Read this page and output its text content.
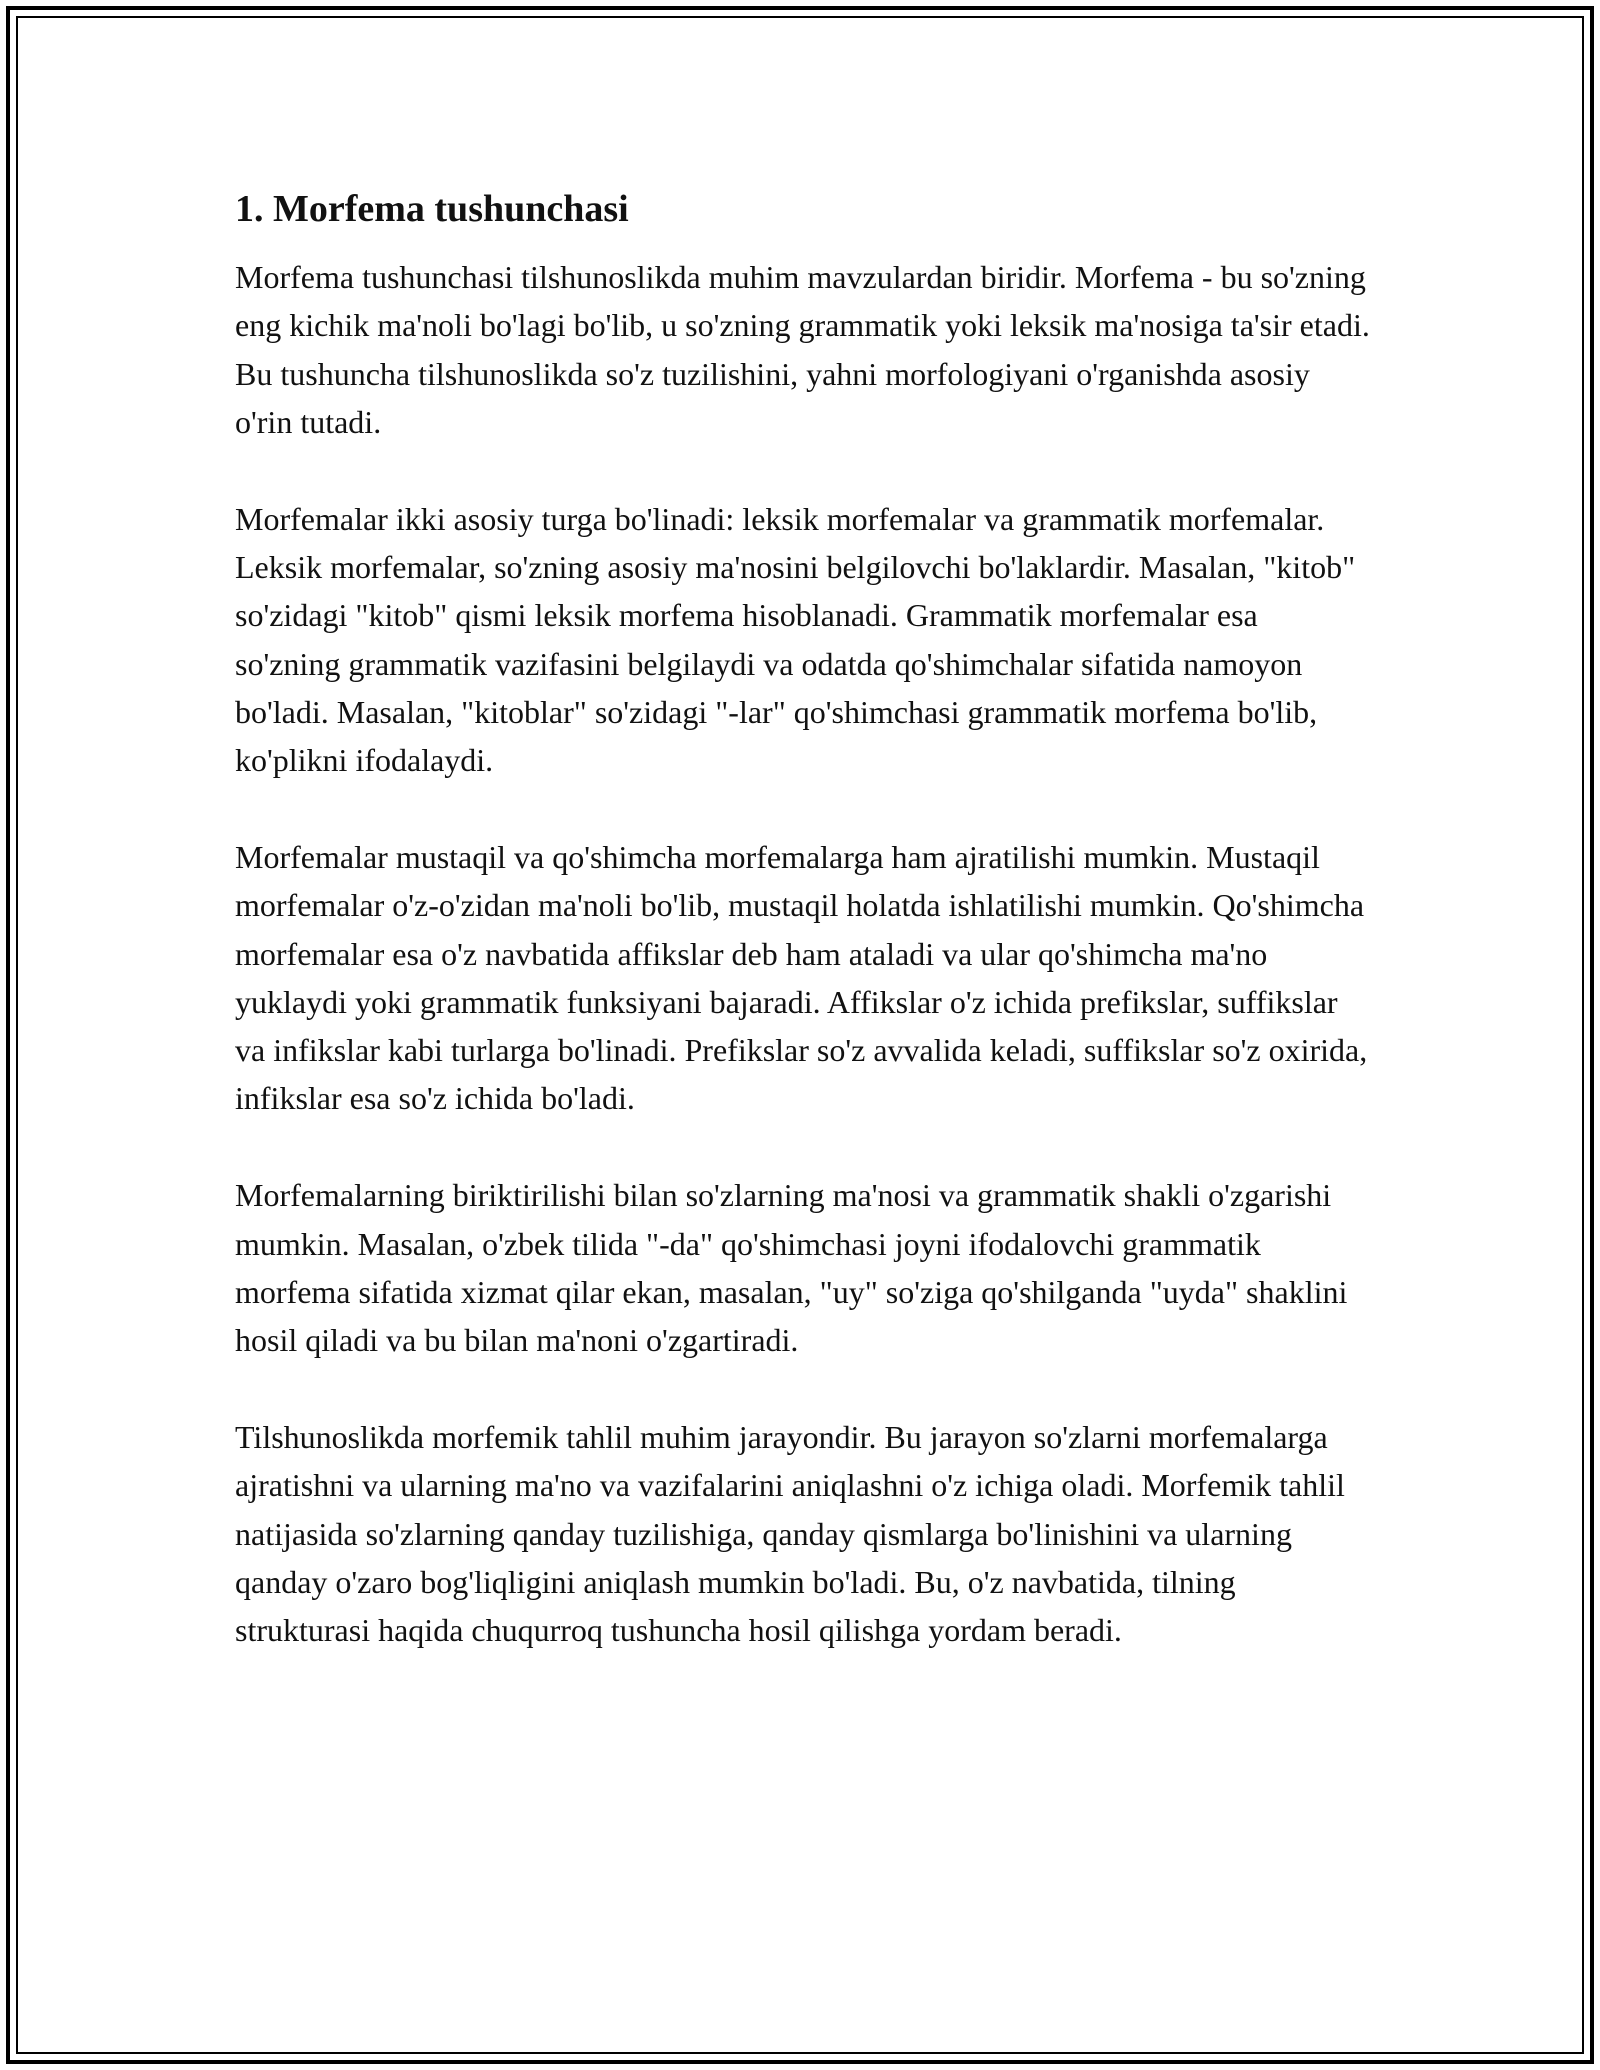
1. Morfema tushunchasi

Morfema tushunchasi tilshunoslikda muhim mavzulardan biridir. Morfema - bu so'zning eng kichik ma'noli bo'lagi bo'lib, u so'zning grammatik yoki leksik ma'nosiga ta'sir etadi. Bu tushuncha tilshunoslikda so'z tuzilishini, yahni morfologiyani o'rganishda asosiy o'rin tutadi.

Morfemalar ikki asosiy turga bo'linadi: leksik morfemalar va grammatik morfemalar. Leksik morfemalar, so'zning asosiy ma'nosini belgilovchi bo'laklardir. Masalan, "kitob" so'zidagi "kitob" qismi leksik morfema hisoblanadi. Grammatik morfemalar esa so'zning grammatik vazifasini belgilaydi va odatda qo'shimchalar sifatida namoyon bo'ladi. Masalan, "kitoblar" so'zidagi "-lar" qo'shimchasi grammatik morfema bo'lib, ko'plikni ifodalaydi.

Morfemalar mustaqil va qo'shimcha morfemalarga ham ajratilishi mumkin. Mustaqil morfemalar o'z-o'zidan ma'noli bo'lib, mustaqil holatda ishlatilishi mumkin. Qo'shimcha morfemalar esa o'z navbatida affikslar deb ham ataladi va ular qo'shimcha ma'no yuklaydi yoki grammatik funksiyani bajaradi. Affikslar o'z ichida prefikslar, suffikslar va infikslar kabi turlarga bo'linadi. Prefikslar so'z avvalida keladi, suffikslar so'z oxirida, infikslar esa so'z ichida bo'ladi.

Morfemalarning biriktirilishi bilan so'zlarning ma'nosi va grammatik shakli o'zgarishi mumkin. Masalan, o'zbek tilida "-da" qo'shimchasi joyni ifodalovchi grammatik morfema sifatida xizmat qilar ekan, masalan, "uy" so'ziga qo'shilganda "uyda" shaklini hosil qiladi va bu bilan ma'noni o'zgartiradi.

Tilshunoslikda morfemik tahlil muhim jarayondir. Bu jarayon so'zlarni morfemalarga ajratishni va ularning ma'no va vazifalarini aniqlashni o'z ichiga oladi. Morfemik tahlil natijasida so'zlarning qanday tuzilishiga, qanday qismlarga bo'linishini va ularning qanday o'zaro bog'liqligini aniqlash mumkin bo'ladi. Bu, o'z navbatida, tilning strukturasi haqida chuqurroq tushuncha hosil qilishga yordam beradi.
